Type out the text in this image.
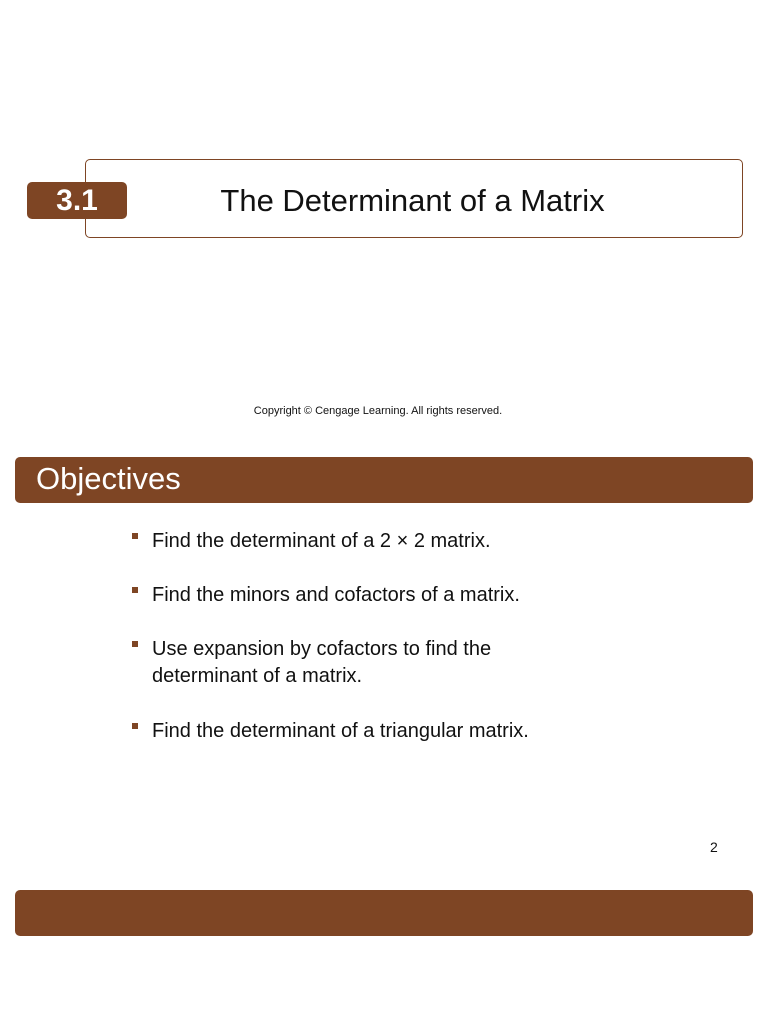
The Determinant of a Matrix
3.1
Copyright © Cengage Learning. All rights reserved.
Objectives
Find the determinant of a 2 × 2 matrix.
Find the minors and cofactors of a matrix.
Use expansion by cofactors to find the determinant of a matrix.
Find the determinant of a triangular matrix.
2
